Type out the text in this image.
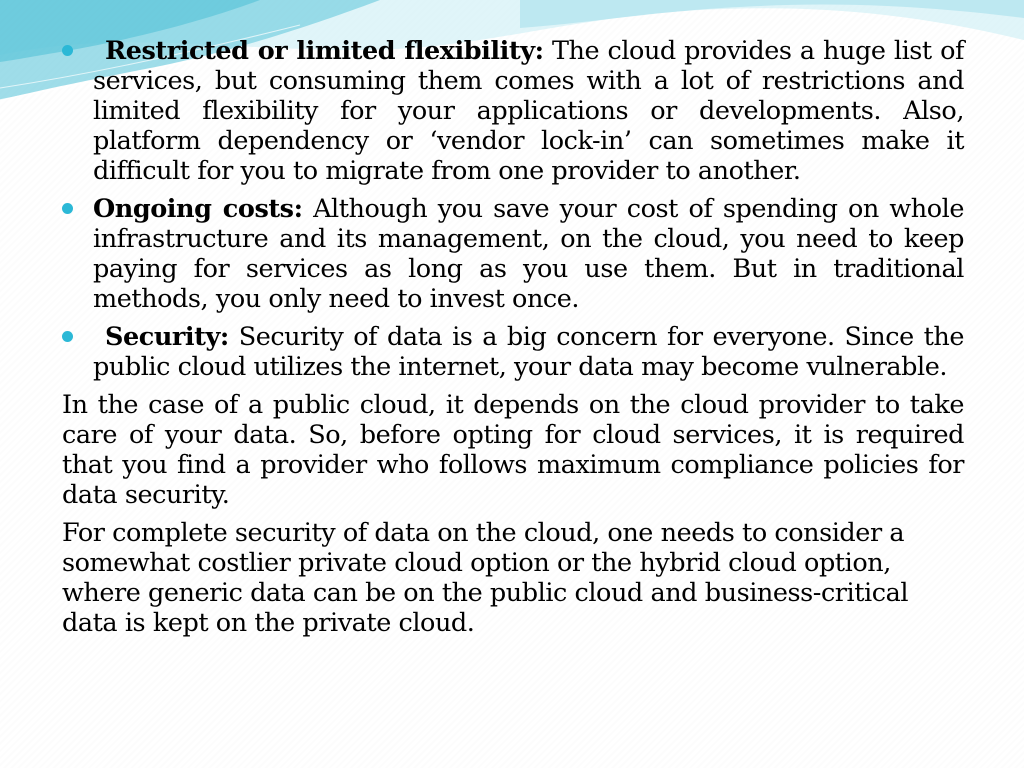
Restricted or limited flexibility: The cloud provides a huge list of services, but consuming them comes with a lot of restrictions and limited flexibility for your applications or developments. Also, platform dependency or ‘vendor lock-in’ can sometimes make it difficult for you to migrate from one provider to another.

Ongoing costs: Although you save your cost of spending on whole infrastructure and its management, on the cloud, you need to keep paying for services as long as you use them. But in traditional methods, you only need to invest once.

Security: Security of data is a big concern for everyone. Since the public cloud utilizes the internet, your data may become vulnerable.

In the case of a public cloud, it depends on the cloud provider to take care of your data. So, before opting for cloud services, it is required that you find a provider who follows maximum compliance policies for data security.

For complete security of data on the cloud, one needs to consider a somewhat costlier private cloud option or the hybrid cloud option, where generic data can be on the public cloud and business-critical data is kept on the private cloud.
